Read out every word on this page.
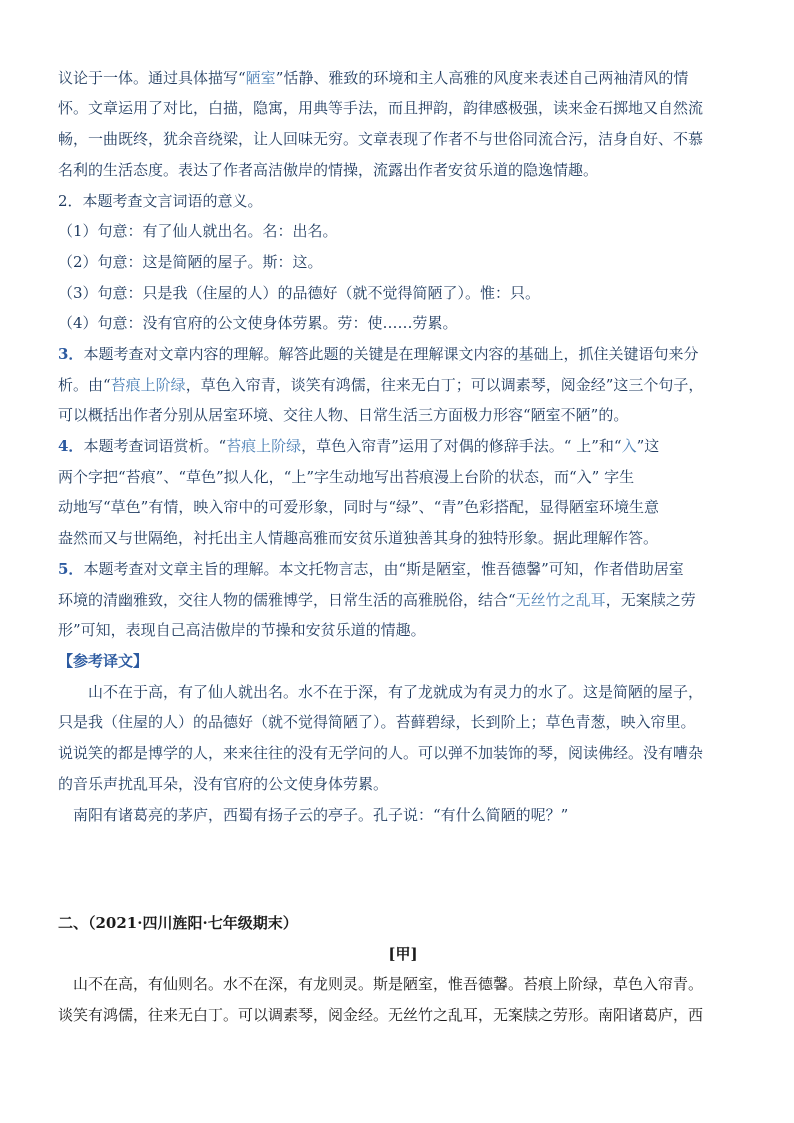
议论于一体。通过具体描写“陋室”恬静、雅致的环境和主人高雅的风度来表述自己两袖清风的情
怀。文章运用了对比，白描，隐寓，用典等手法，而且押韵，韵律感极强，读来金石掷地又自然流
畅，一曲既终，犹余音绕梁，让人回味无穷。文章表现了作者不与世俗同流合污，洁身自好、不慕
名利的生活态度。表达了作者高洁傲岸的情操，流露出作者安贫乐道的隐逸情趣。
2．本题考查文言词语的意义。
（1）句意：有了仙人就出名。名：出名。
（2）句意：这是简陋的屋子。斯：这。
（3）句意：只是我（住屋的人）的品德好（就不觉得简陋了）。惟：只。
（4）句意：没有官府的公文使身体劳累。劳：使……劳累。
3．本题考查对文章内容的理解。解答此题的关键是在理解课文内容的基础上，抓住关键语句来分
析。由“苔痕上阶绿，草色入帘青，谈笑有鸿儒，往来无白丁；可以调素琴，阅金经”这三个句子，
可以概括出作者分别从居室环境、交往人物、日常生活三方面极力形容“陋室不陋”的。
4．本题考查词语赏析。“苔痕上阶绿，草色入帘青”运用了对偶的修辞手法。“ 上”和“入”这
两个字把“苔痕”、“草色”拟人化，“上”字生动地写出苔痕漫上台阶的状态，而“入” 字生
动地写“草色”有情，映入帘中的可爱形象，同时与“绿”、“青”色彩搭配，显得陋室环境生意
盎然而又与世隔绝，衬托出主人情趣高雅而安贫乐道独善其身的独特形象。据此理解作答。
5．本题考查对文章主旨的理解。本文托物言志，由“斯是陋室，惟吾德馨”可知，作者借助居室
环境的清幽雅致，交往人物的儒雅博学，日常生活的高雅脱俗，结合“无丝竹之乱耳，无案牍之劳
形”可知，表现自己高洁傲岸的节操和安贫乐道的情趣。
【参考译文】
山不在于高，有了仙人就出名。水不在于深，有了龙就成为有灵力的水了。这是简陋的屋子，
只是我（住屋的人）的品德好（就不觉得简陋了）。苔藓碧绿，长到阶上；草色青葱，映入帘里。
说说笑的都是博学的人，来来往往的没有无学问的人。可以弹不加装饰的琴，阅读佛经。没有嘈杂
的音乐声扰乱耳朵，没有官府的公文使身体劳累。
南阳有诸葛亮的茅庐，西蜀有扬子云的亭子。孔子说：“有什么简陋的呢？”
二、（2021·四川旌阳·七年级期末）
[甲]
山不在高，有仙则名。水不在深，有龙则灵。斯是陋室，惟吾德馨。苔痕上阶绿，草色入帘青。
谈笑有鸿儒，往来无白丁。可以调素琴，阅金经。无丝竹之乱耳，无案牍之劳形。南阳诸葛庐，西
